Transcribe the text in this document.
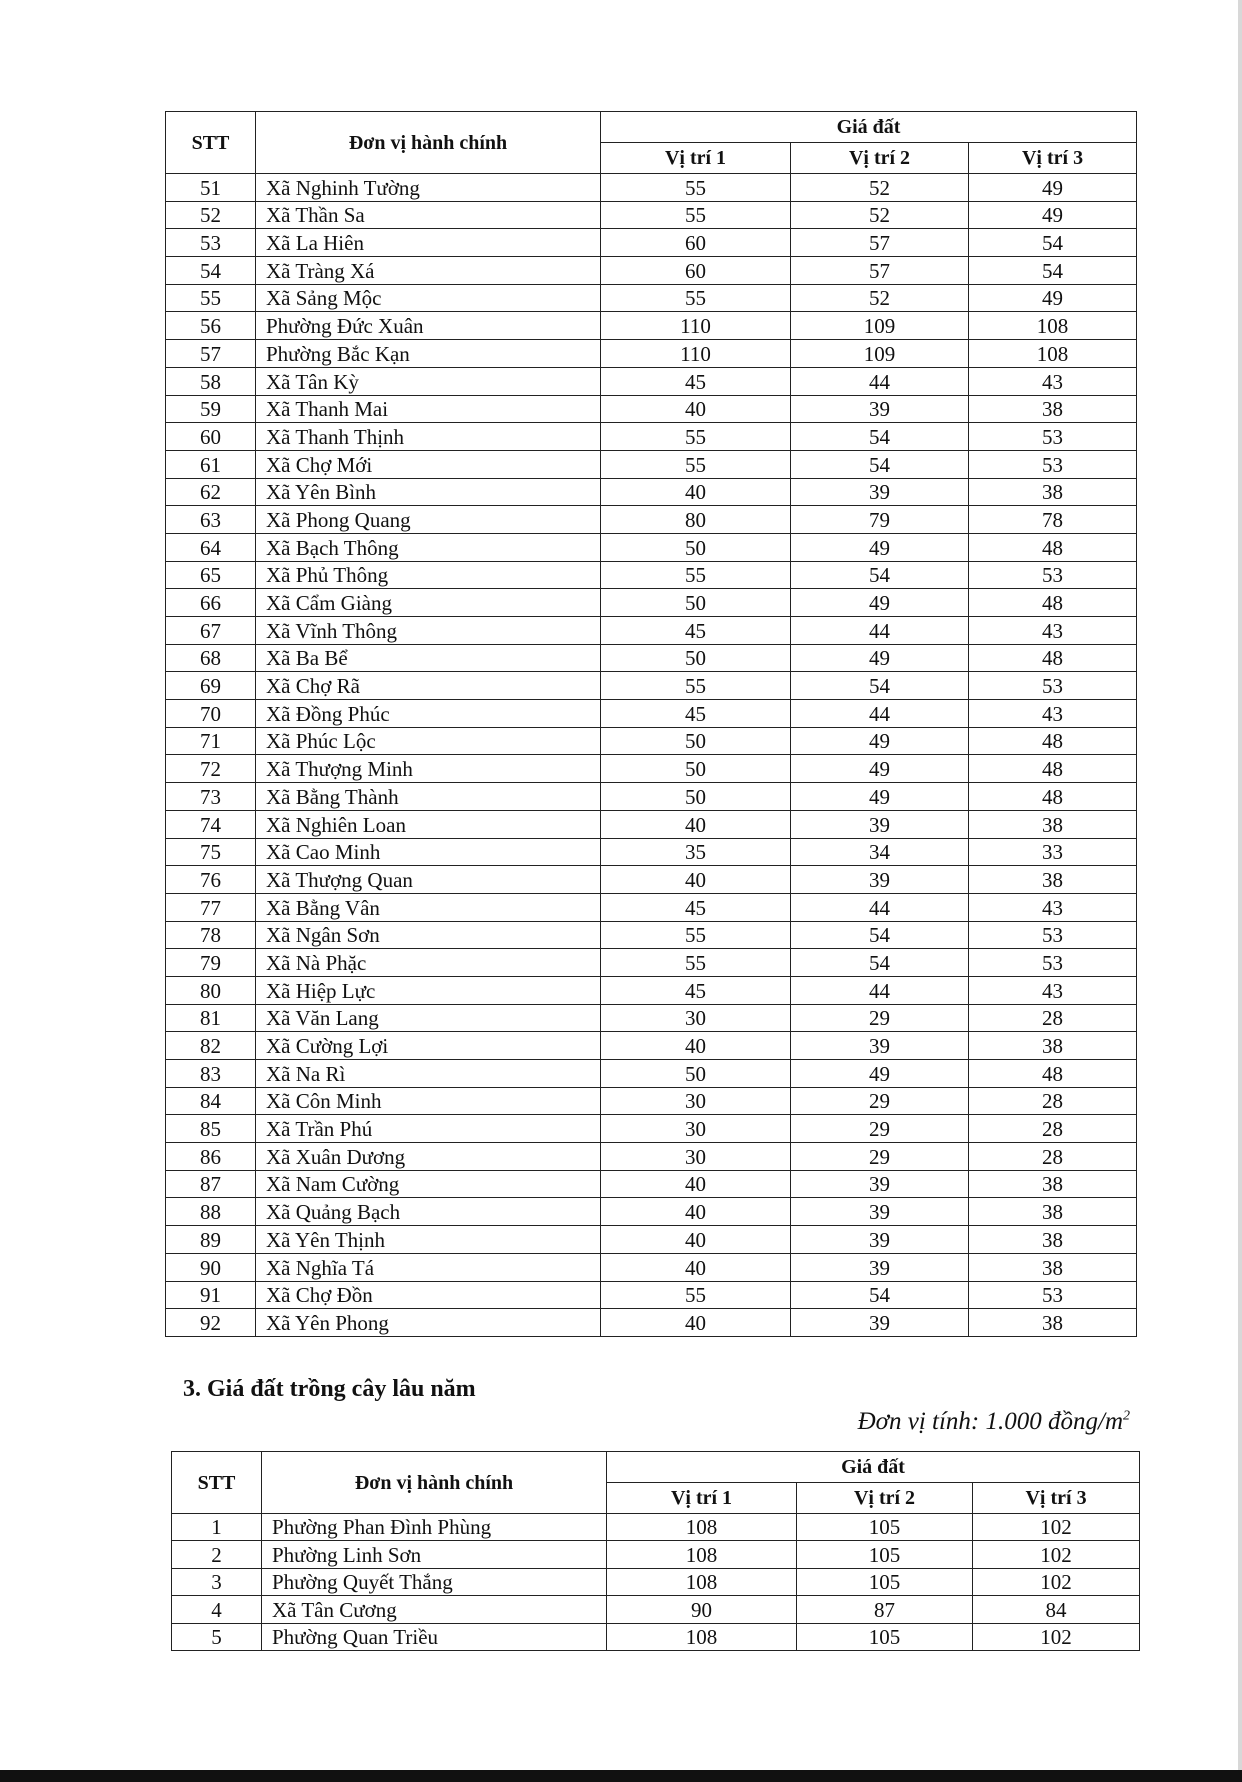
STT	Đơn vị hành chính	Giá đất		
		Vị trí 1	Vị trí 2	Vị trí 3
51	Xã Nghinh Tường	55	52	49
52	Xã Thần Sa	55	52	49
53	Xã La Hiên	60	57	54
54	Xã Tràng Xá	60	57	54
55	Xã Sảng Mộc	55	52	49
56	Phường Đức Xuân	110	109	108
57	Phường Bắc Kạn	110	109	108
58	Xã Tân Kỳ	45	44	43
59	Xã Thanh Mai	40	39	38
60	Xã Thanh Thịnh	55	54	53
61	Xã Chợ Mới	55	54	53
62	Xã Yên Bình	40	39	38
63	Xã Phong Quang	80	79	78
64	Xã Bạch Thông	50	49	48
65	Xã Phủ Thông	55	54	53
66	Xã Cẩm Giàng	50	49	48
67	Xã Vĩnh Thông	45	44	43
68	Xã Ba Bể	50	49	48
69	Xã Chợ Rã	55	54	53
70	Xã Đồng Phúc	45	44	43
71	Xã Phúc Lộc	50	49	48
72	Xã Thượng Minh	50	49	48
73	Xã Bằng Thành	50	49	48
74	Xã Nghiên Loan	40	39	38
75	Xã Cao Minh	35	34	33
76	Xã Thượng Quan	40	39	38
77	Xã Bằng Vân	45	44	43
78	Xã Ngân Sơn	55	54	53
79	Xã Nà Phặc	55	54	53
80	Xã Hiệp Lực	45	44	43
81	Xã Văn Lang	30	29	28
82	Xã Cường Lợi	40	39	38
83	Xã Na Rì	50	49	48
84	Xã Côn Minh	30	29	28
85	Xã Trần Phú	30	29	28
86	Xã Xuân Dương	30	29	28
87	Xã Nam Cường	40	39	38
88	Xã Quảng Bạch	40	39	38
89	Xã Yên Thịnh	40	39	38
90	Xã Nghĩa Tá	40	39	38
91	Xã Chợ Đồn	55	54	53
92	Xã Yên Phong	40	39	38
3. Giá đất trồng cây lâu năm
Đơn vị tính: 1.000 đồng/$m^2$
STT	Đơn vị hành chính	Giá đất		
		Vị trí 1	Vị trí 2	Vị trí 3
1	Phường Phan Đình Phùng	108	105	102
2	Phường Linh Sơn	108	105	102
3	Phường Quyết Thắng	108	105	102
4	Xã Tân Cương	90	87	84
5	Phường Quan Triều	108	105	102
